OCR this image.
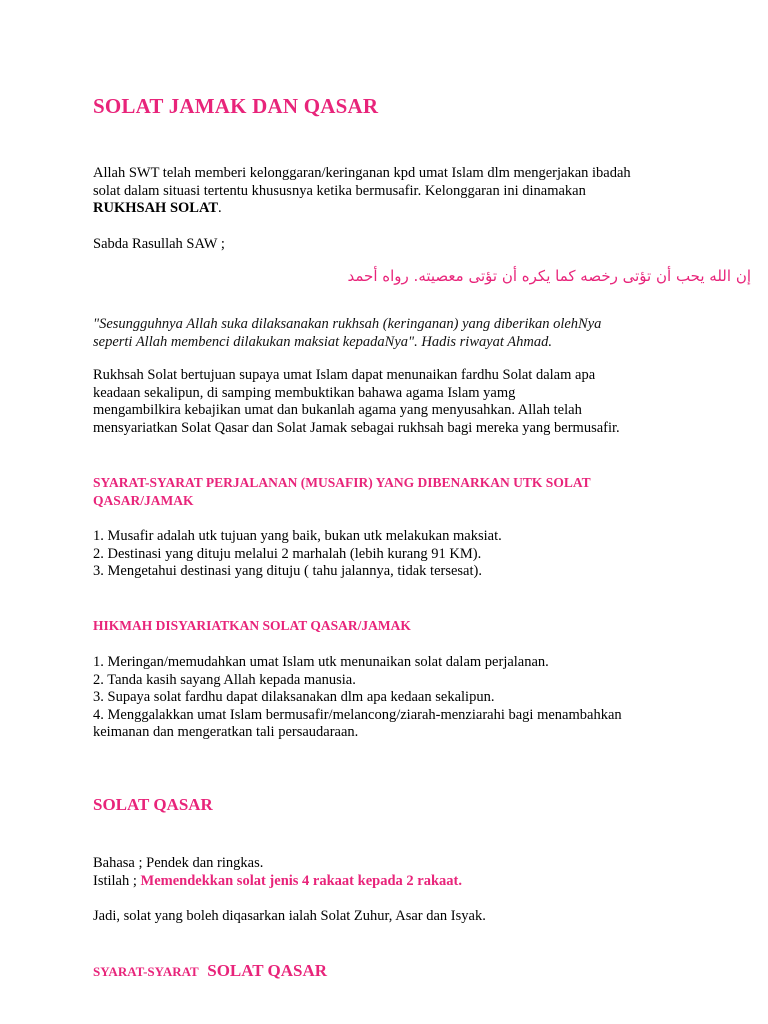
SOLAT JAMAK DAN QASAR
Allah SWT telah memberi kelonggaran/keringanan kpd umat Islam dlm mengerjakan ibadah
solat dalam situasi tertentu khususnya ketika bermusafir. Kelonggaran ini dinamakan
RUKHSAH SOLAT.
Sabda Rasullah SAW ;
"Sesungguhnya Allah suka dilaksanakan rukhsah (keringanan) yang diberikan olehNya
seperti Allah membenci dilakukan maksiat kepadaNya". Hadis riwayat Ahmad.
Rukhsah Solat bertujuan supaya umat Islam dapat menunaikan fardhu Solat dalam apa
keadaan sekalipun, di samping membuktikan bahawa agama Islam yamg
mengambilkira kebajikan umat dan bukanlah agama yang menyusahkan. Allah telah
mensyariatkan Solat Qasar dan Solat Jamak sebagai rukhsah bagi mereka yang bermusafir.
SYARAT-SYARAT PERJALANAN (MUSAFIR) YANG DIBENARKAN UTK SOLAT
QASAR/JAMAK
1. Musafir adalah utk tujuan yang baik, bukan utk melakukan maksiat.
2. Destinasi yang dituju melalui 2 marhalah (lebih kurang 91 KM).
3. Mengetahui destinasi yang dituju ( tahu jalannya, tidak tersesat).
HIKMAH DISYARIATKAN SOLAT QASAR/JAMAK
1. Meringan/memudahkan umat Islam utk menunaikan solat dalam perjalanan.
2. Tanda kasih sayang Allah kepada manusia.
3. Supaya solat fardhu dapat dilaksanakan dlm apa kedaan sekalipun.
4. Menggalakkan umat Islam bermusafir/melancong/ziarah-menziarahi bagi menambahkan
keimanan dan mengeratkan tali persaudaraan.
SOLAT QASAR
Bahasa ; Pendek dan ringkas.
Istilah ; Memendekkan solat jenis 4 rakaat kepada 2 rakaat.
Jadi, solat yang boleh diqasarkan ialah Solat Zuhur, Asar dan Isyak.
SYARAT-SYARAT SOLAT QASAR
إن الله يحب أن تؤتى رخصه كما يكره أن تؤتى معصيته. رواه أحمد
